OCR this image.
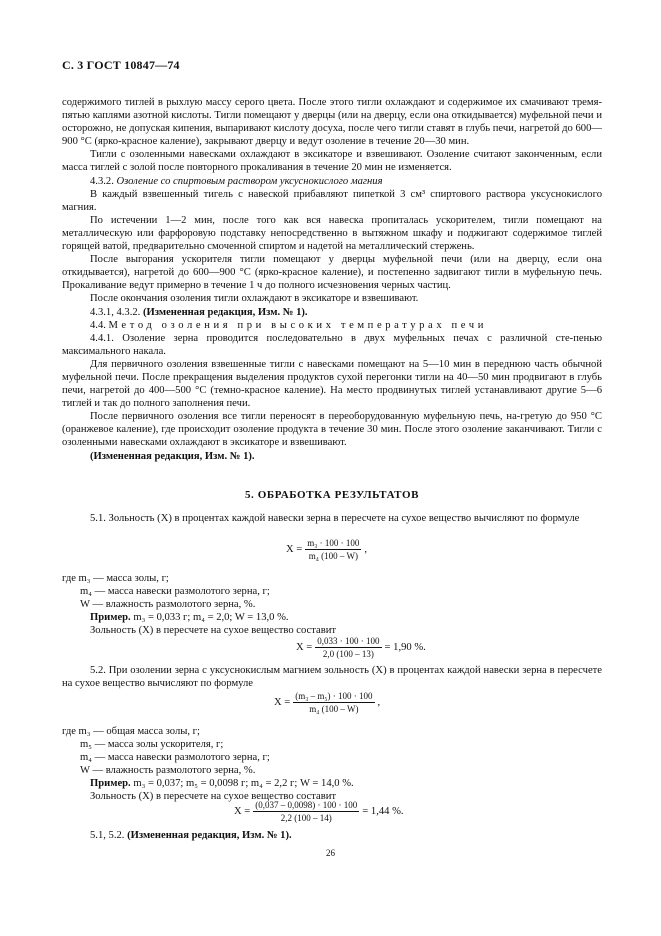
С. 3 ГОСТ 10847—74

содержимого тиглей в рыхлую массу серого цвета. После этого тигли охлаждают и содержимое их смачивают тремя-пятью каплями азотной кислоты. Тигли помещают у дверцы (или на дверцу, если она откидывается) муфельной печи и осторожно, не допуская кипения, выпаривают кислоту досуха, после чего тигли ставят в глубь печи, нагретой до 600—900 °С (ярко-красное каление), закрывают дверцу и ведут озоление в течение 20—30 мин.

Тигли с озоленными навесками охлаждают в эксикаторе и взвешивают. Озоление считают законченным, если масса тиглей с золой после повторного прокаливания в течение 20 мин не изменяется.

4.3.2. Озоление со спиртовым раствором уксуснокислого магния

В каждый взвешенный тигель с навеской прибавляют пипеткой 3 см³ спиртового раствора уксуснокислого магния.

По истечении 1—2 мин, после того как вся навеска пропиталась ускорителем, тигли помещают на металлическую или фарфоровую подставку непосредственно в вытяжном шкафу и поджигают содержимое тиглей горящей ватой, предварительно смоченной спиртом и надетой на металлический стержень.

После выгорания ускорителя тигли помещают у дверцы муфельной печи (или на дверцу, если она откидывается), нагретой до 600—900 °С (ярко-красное каление), и постепенно задвигают тигли в муфельную печь. Прокаливание ведут примерно в течение 1 ч до полного исчезновения черных частиц.

После окончания озоления тигли охлаждают в эксикаторе и взвешивают.

4.3.1, 4.3.2. (Измененная редакция, Изм. № 1).

4.4. Метод озоления при высоких температурах печи

4.4.1. Озоление зерна проводится последовательно в двух муфельных печах с различной сте-пенью максимального накала.

Для первичного озоления взвешенные тигли с навесками помещают на 5—10 мин в переднюю часть обычной муфельной печи. После прекращения выделения продуктов сухой перегонки тигли на 40—50 мин продвигают в глубь печи, нагретой до 400—500 °С (темно-красное каление). На место продвинутых тиглей устанавливают другие 5—6 тиглей и так до полного заполнения печи.

После первичного озоления все тигли переносят в переоборудованную муфельную печь, на-гретую до 950 °С (оранжевое каление), где происходит озоление продукта в течение 30 мин. После этого озоление заканчивают. Тигли с озоленными навесками охлаждают в эксикаторе и взвешивают.

(Измененная редакция, Изм. № 1).

5. ОБРАБОТКА РЕЗУЛЬТАТОВ

5.1. Зольность (X) в процентах каждой навески зерна в пересчете на сухое вещество вычисляют по формуле

$X = \frac{\text{m₃ · 100 · 100}}{\text{m₄ (100 – W)}}$ ,
где m₃ — масса золы, г;
m₄ — масса навески размолотого зерна, г;
W — влажность размолотого зерна, %.
Пример. m₃ = 0,033 г; m₄ = 2,0; W = 13,0 %.
Зольность (X) в пересчете на сухое вещество составит
$X = \frac{0,033 \cdot 100 \cdot 100}{2,0 (100 - 13)} = 1,90$ %.

5.2. При озолении зерна с уксуснокислым магнием зольность (X) в процентах каждой навески зерна в пересчете на сухое вещество вычисляют по формуле

$X = \frac{\text{(m₃ – m₅) · 100 · 100}}{\text{m₄ (100 – W)}}$ ,
где m₃ — общая масса золы, г;
m₅ — масса золы ускорителя, г;
m₄ — масса навески размолотого зерна, г;
W — влажность размолотого зерна, %.
Пример. m₃ = 0,037; m₅ = 0,0098 г; m₄ = 2,2 г; W = 14,0 %.
Зольность (X) в пересчете на сухое вещество составит
$X = \frac{(0,037 - 0,0098) \cdot 100 \cdot 100}{2,2 (100 - 14)} = 1,44$ %.

5.1, 5.2. (Измененная редакция, Изм. № 1).

26
